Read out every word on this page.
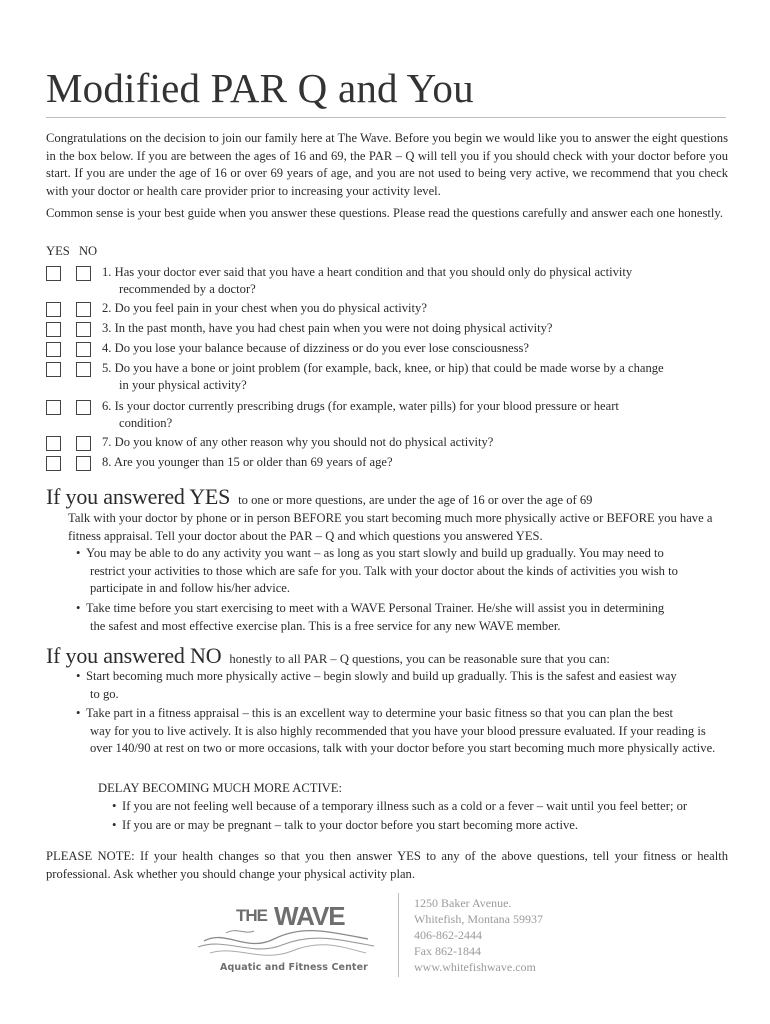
Modified PAR Q and You

Congratulations on the decision to join our family here at The Wave. Before you begin we would like you to answer the eight questions in the box below. If you are between the ages of 16 and 69, the PAR – Q will tell you if you should check with your doctor before you start. If you are under the age of 16 or over 69 years of age, and you are not used to being very active, we recommend that you check with your doctor or health care provider prior to increasing your activity level.

Common sense is your best guide when you answer these questions. Please read the questions carefully and answer each one honestly.

YES NO

1. Has your doctor ever said that you have a heart condition and that you should only do physical activity
recommended by a doctor?

2. Do you feel pain in your chest when you do physical activity?

3. In the past month, have you had chest pain when you were not doing physical activity?

4. Do you lose your balance because of dizziness or do you ever lose consciousness?

5. Do you have a bone or joint problem (for example, back, knee, or hip) that could be made worse by a change
in your physical activity?

6. Is your doctor currently prescribing drugs (for example, water pills) for your blood pressure or heart
condition?

7. Do you know of any other reason why you should not do physical activity?

8. Are you younger than 15 or older than 69 years of age?

If you answered YES to one or more questions, are under the age of 16 or over the age of 69

Talk with your doctor by phone or in person BEFORE you start becoming much more physically active or BEFORE you have a fitness appraisal. Tell your doctor about the PAR – Q and which questions you answered YES.

• You may be able to do any activity you want – as long as you start slowly and build up gradually. You may need to
restrict your activities to those which are safe for you. Talk with your doctor about the kinds of activities you wish to participate in and follow his/her advice.

• Take time before you start exercising to meet with a WAVE Personal Trainer. He/she will assist you in determining
the safest and most effective exercise plan. This is a free service for any new WAVE member.

If you answered NO honestly to all PAR – Q questions, you can be reasonable sure that you can:

• Start becoming much more physically active – begin slowly and build up gradually. This is the safest and easiest way
to go.

• Take part in a fitness appraisal – this is an excellent way to determine your basic fitness so that you can plan the best
way for you to live actively. It is also highly recommended that you have your blood pressure evaluated. If your reading is over 140/90 at rest on two or more occasions, talk with your doctor before you start becoming much more physically active.

DELAY BECOMING MUCH MORE ACTIVE:

• If you are not feeling well because of a temporary illness such as a cold or a fever – wait until you feel better; or

• If you are or may be pregnant – talk to your doctor before you start becoming more active.

PLEASE NOTE: If your health changes so that you then answer YES to any of the above questions, tell your fitness or health professional. Ask whether you should change your physical activity plan.

THE WAVE
Aquatic and Fitness Center
1250 Baker Avenue.
Whitefish, Montana 59937
406-862-2444
Fax 862-1844
www.whitefishwave.com
